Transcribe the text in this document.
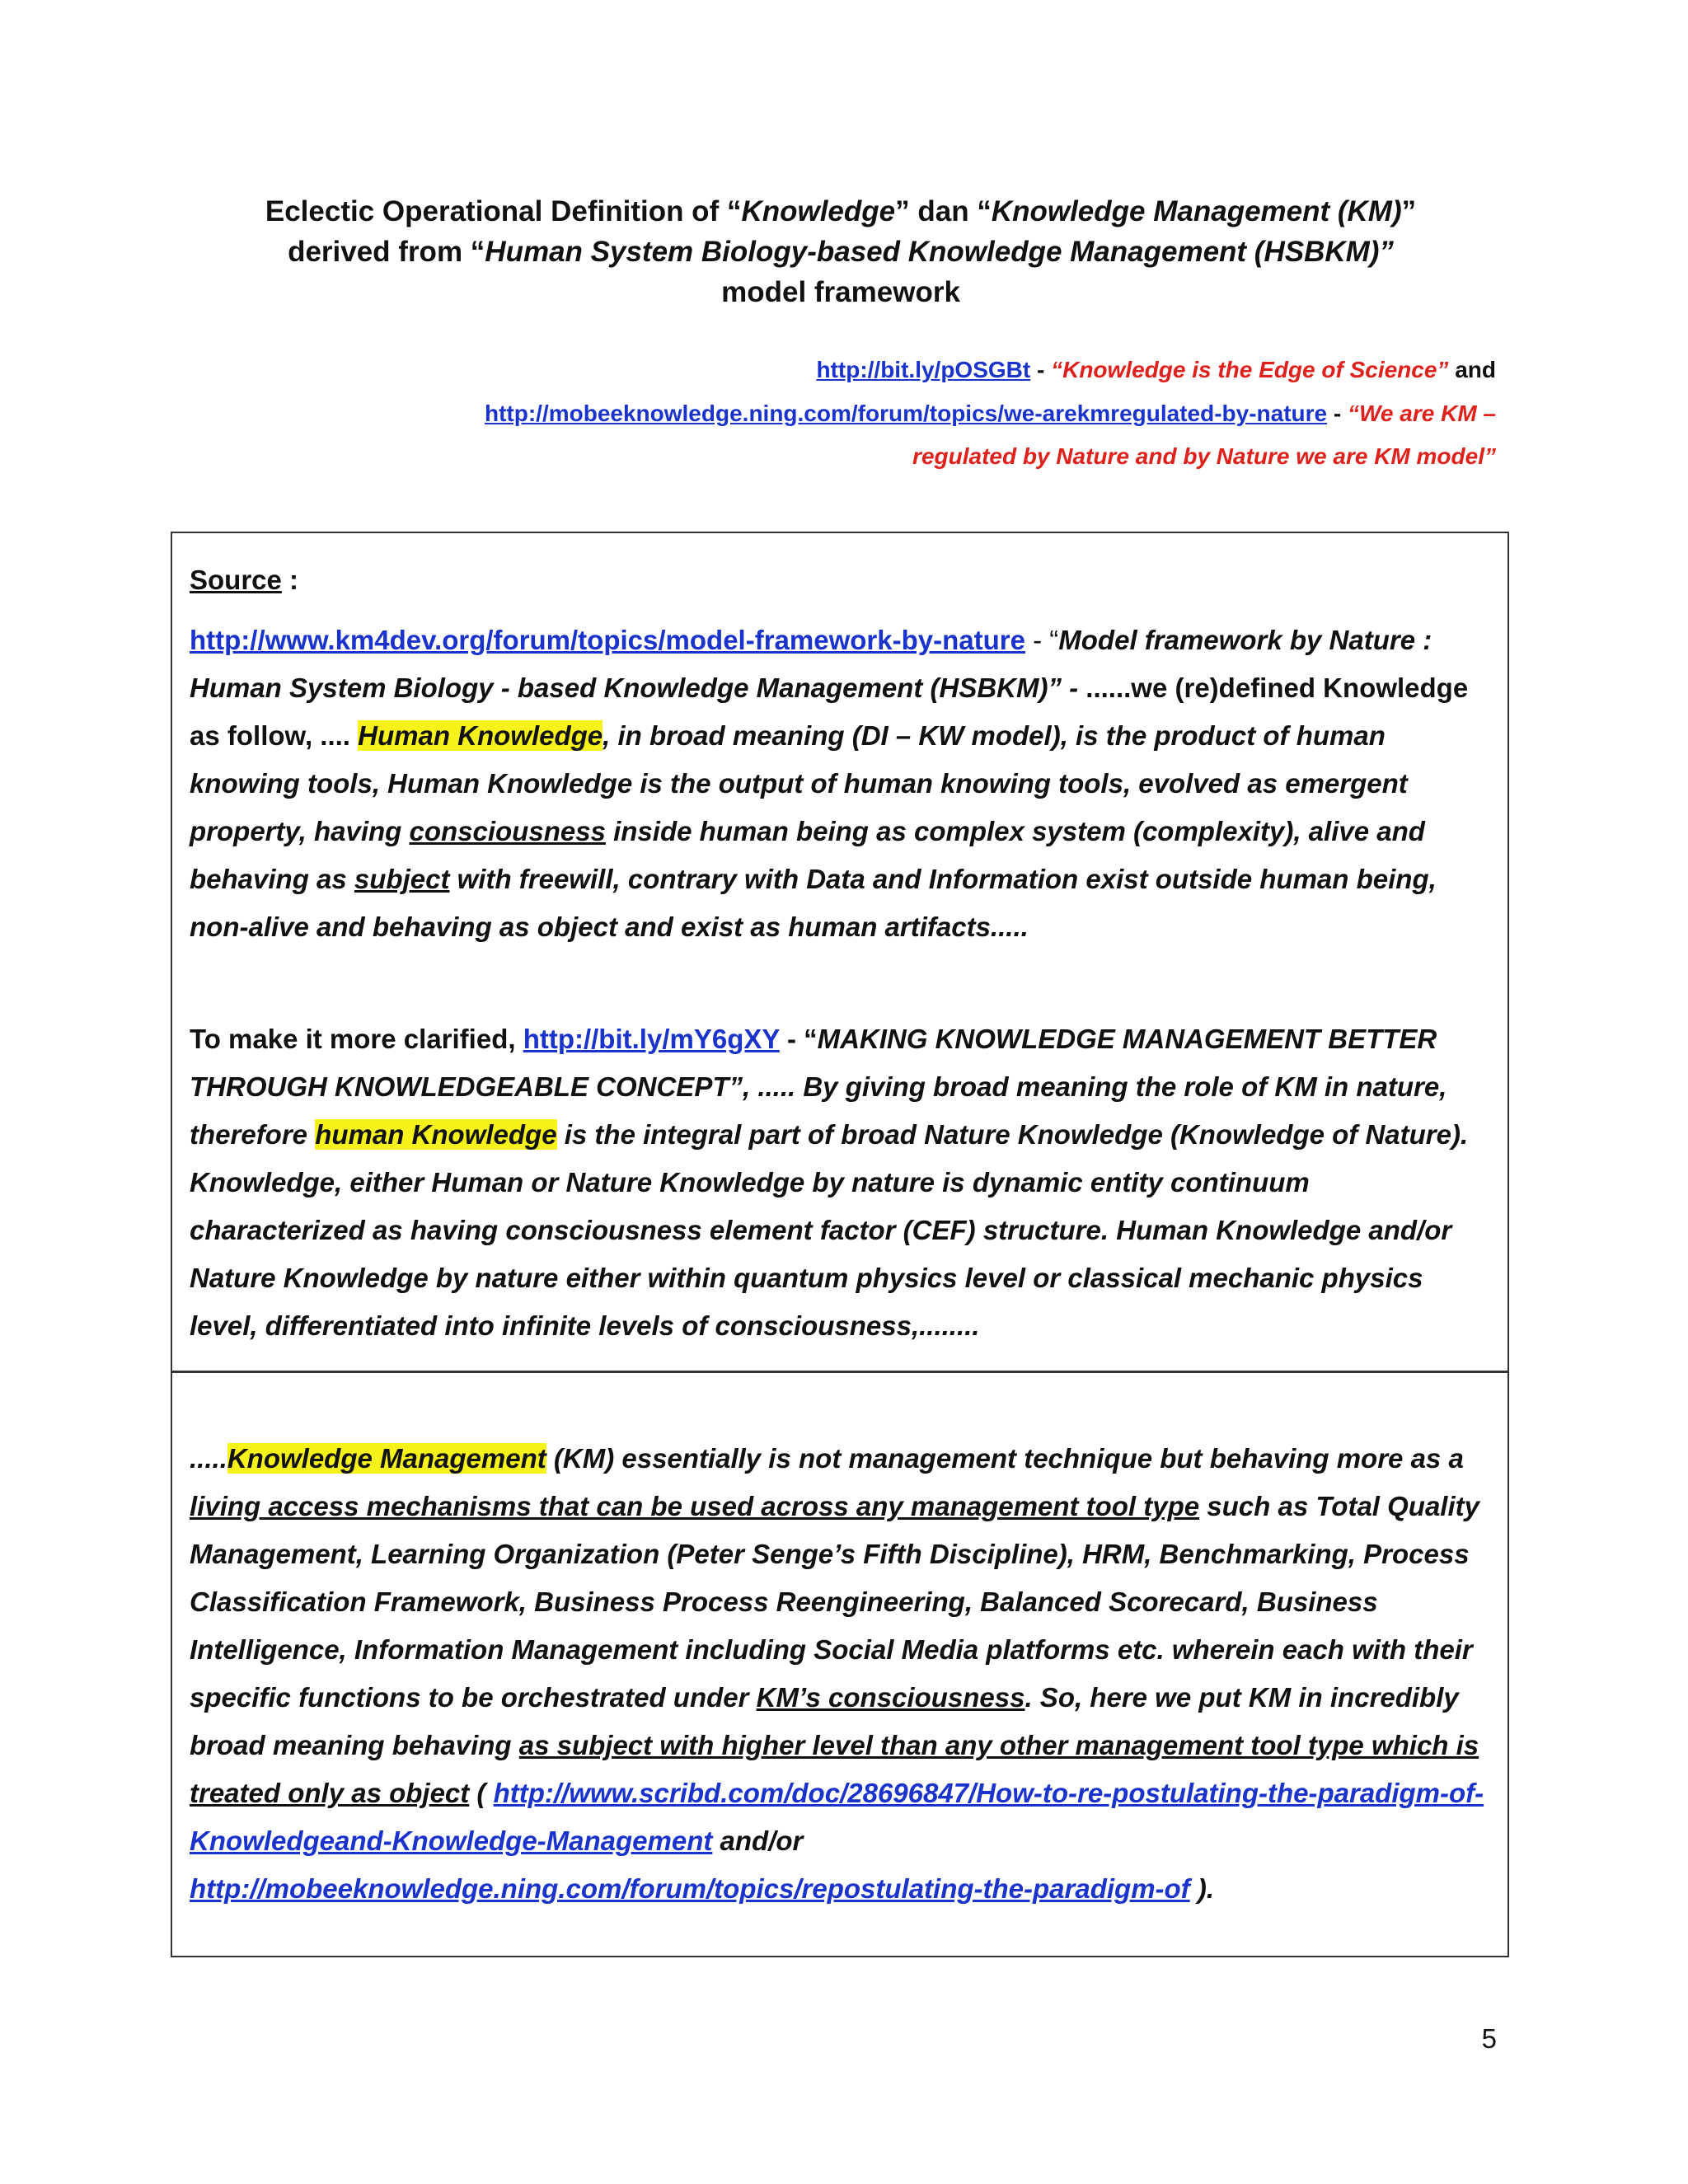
Eclectic Operational Definition of “Knowledge” dan “Knowledge Management (KM)”
derived from “Human System Biology-based Knowledge Management (HSBKM)”
model framework
http://bit.ly/pOSGBt - “Knowledge is the Edge of Science” and
http://mobeeknowledge.ning.com/forum/topics/we-arekmregulated-by-nature - “We are KM –
regulated by Nature and by Nature we are KM model”
Source :
http://www.km4dev.org/forum/topics/model-framework-by-nature - “Model framework by Nature : Human System Biology - based Knowledge Management (HSBKM)” - ......we (re)defined Knowledge as follow, .... Human Knowledge, in broad meaning (DI – KW model), is the product of human knowing tools, Human Knowledge is the output of human knowing tools, evolved as emergent property, having consciousness inside human being as complex system (complexity), alive and behaving as subject with freewill, contrary with Data and Information exist outside human being, non-alive and behaving as object and exist as human artifacts.....
To make it more clarified, http://bit.ly/mY6gXY - “MAKING KNOWLEDGE MANAGEMENT BETTER THROUGH KNOWLEDGEABLE CONCEPT”, ..... By giving broad meaning the role of KM in nature, therefore human Knowledge is the integral part of broad Nature Knowledge (Knowledge of Nature). Knowledge, either Human or Nature Knowledge by nature is dynamic entity continuum characterized as having consciousness element factor (CEF) structure. Human Knowledge and/or Nature Knowledge by nature either within quantum physics level or classical mechanic physics level, differentiated into infinite levels of consciousness,........
.....Knowledge Management (KM) essentially is not management technique but behaving more as a living access mechanisms that can be used across any management tool type such as Total Quality Management, Learning Organization (Peter Senge’s Fifth Discipline), HRM, Benchmarking, Process Classification Framework, Business Process Reengineering, Balanced Scorecard, Business Intelligence, Information Management including Social Media platforms etc. wherein each with their specific functions to be orchestrated under KM’s consciousness. So, here we put KM in incredibly broad meaning behaving as subject with higher level than any other management tool type which is treated only as object ( http://www.scribd.com/doc/28696847/How-to-re-postulating-the-paradigm-of-Knowledgeand-Knowledge-Management and/or http://mobeeknowledge.ning.com/forum/topics/repostulating-the-paradigm-of ).
5
